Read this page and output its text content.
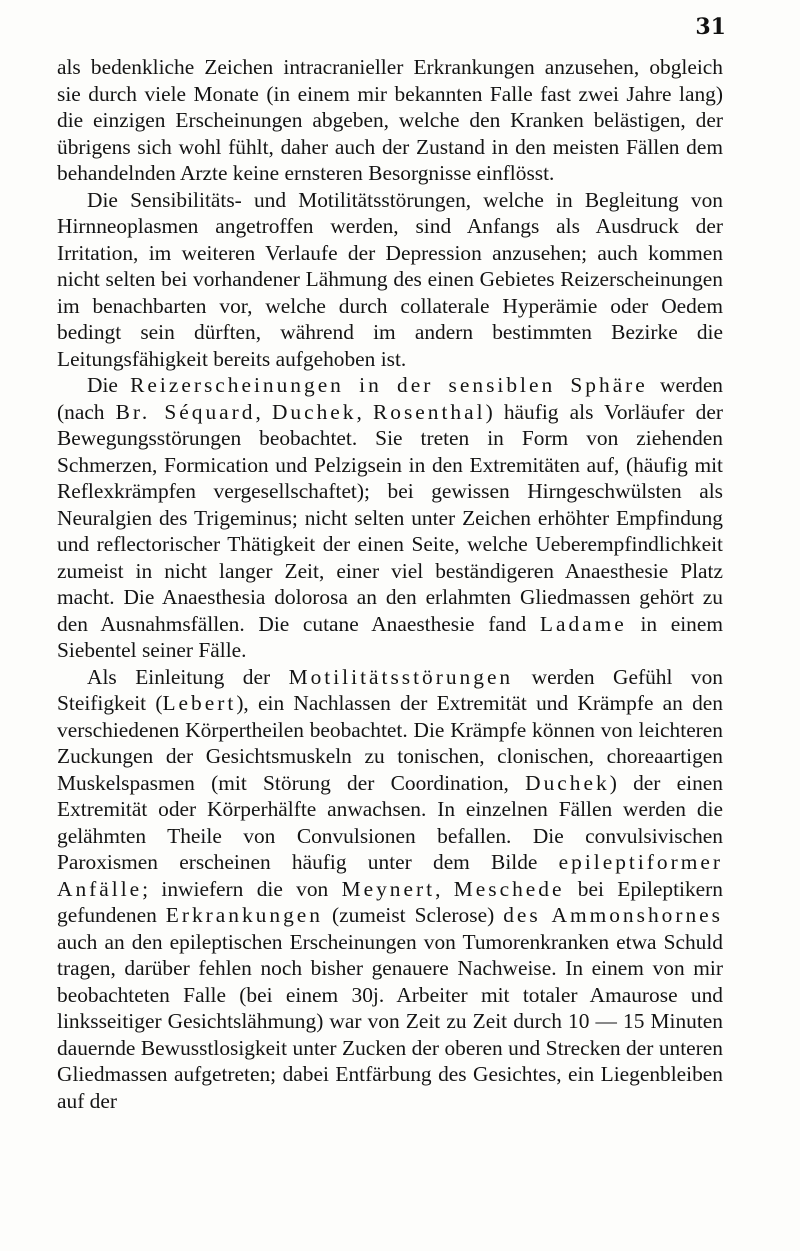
31

als bedenkliche Zeichen intracranieller Erkrankungen anzusehen, obgleich sie durch viele Monate (in einem mir bekannten Falle fast zwei Jahre lang) die einzigen Erscheinungen abgeben, welche den Kranken belästigen, der übrigens sich wohl fühlt, daher auch der Zustand in den meisten Fällen dem behandelnden Arzte keine ernsteren Besorgnisse einflösst.

Die Sensibilitäts- und Motilitätsstörungen, welche in Begleitung von Hirnneoplasmen angetroffen werden, sind Anfangs als Ausdruck der Irritation, im weiteren Verlaufe der Depression anzusehen; auch kommen nicht selten bei vorhandener Lähmung des einen Gebietes Reizerscheinungen im benachbarten vor, welche durch collaterale Hyperämie oder Oedem bedingt sein dürften, während im andern bestimmten Bezirke die Leitungsfähigkeit bereits aufgehoben ist.

Die Reizerscheinungen in der sensiblen Sphäre werden (nach Br. Séquard, Duchek, Rosenthal) häufig als Vorläufer der Bewegungsstörungen beobachtet. Sie treten in Form von ziehenden Schmerzen, Formication und Pelzigsein in den Extremitäten auf, (häufig mit Reflexkrämpfen vergesellschaftet); bei gewissen Hirngeschwülsten als Neuralgien des Trigeminus; nicht selten unter Zeichen erhöhter Empfindung und reflectorischer Thätigkeit der einen Seite, welche Ueberempfindlichkeit zumeist in nicht langer Zeit, einer viel beständigeren Anaesthesie Platz macht. Die Anaesthesia dolorosa an den erlahmten Gliedmassen gehört zu den Ausnahmsfällen. Die cutane Anaesthesie fand Ladame in einem Siebentel seiner Fälle.

Als Einleitung der Motilitätsstörungen werden Gefühl von Steifigkeit (Lebert), ein Nachlassen der Extremität und Krämpfe an den verschiedenen Körpertheilen beobachtet. Die Krämpfe können von leichteren Zuckungen der Gesichtsmuskeln zu tonischen, clonischen, choreaartigen Muskelspasmen (mit Störung der Coordination, Duchek) der einen Extremität oder Körperhälfte anwachsen. In einzelnen Fällen werden die gelähmten Theile von Convulsionen befallen. Die convulsivischen Paroxismen erscheinen häufig unter dem Bilde epileptiformer Anfälle; inwiefern die von Meynert, Meschede bei Epileptikern gefundenen Erkrankungen (zumeist Sclerose) des Ammonshornes auch an den epileptischen Erscheinungen von Tumorenkranken etwa Schuld tragen, darüber fehlen noch bisher genauere Nachweise. In einem von mir beobachteten Falle (bei einem 30j. Arbeiter mit totaler Amaurose und linksseitiger Gesichtslähmung) war von Zeit zu Zeit durch 10 — 15 Minuten dauernde Bewusstlosigkeit unter Zucken der oberen und Strecken der unteren Gliedmassen aufgetreten; dabei Entfärbung des Gesichtes, ein Liegenbleiben auf der
